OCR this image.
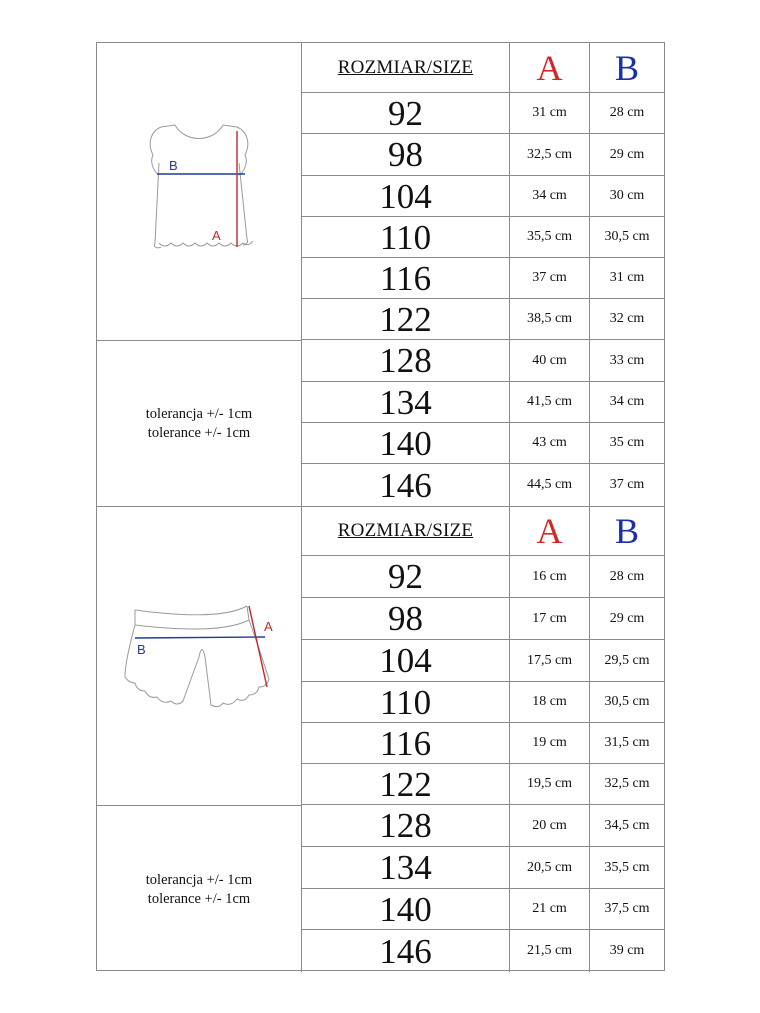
B
A
tolerancja +/- 1cm
tolerance +/- 1cm
ROZMIAR/SIZE A B
92	31 cm	28 cm
98	32,5 cm	29 cm
104	34 cm	30 cm
110	35,5 cm 30,5 cm
116	37 cm	31 cm
122	38,5 cm	32 cm
128	40 cm	33 cm
134	41,5 cm	34 cm
140	43 cm	35 cm
146	44,5 cm	37 cm
B
A
tolerancja +/- 1cm
tolerance +/- 1cm
ROZMIAR/SIZE A B
92	16 cm	28 cm
98	17 cm	29 cm
104	17,5 cm 29,5 cm
110	18 cm	30,5 cm
116	19 cm	31,5 cm
122	19,5 cm 32,5 cm
128	20 cm	34,5 cm
134	20,5 cm 35,5 cm
140	21 cm	37,5 cm
146	21,5 cm	39 cm
